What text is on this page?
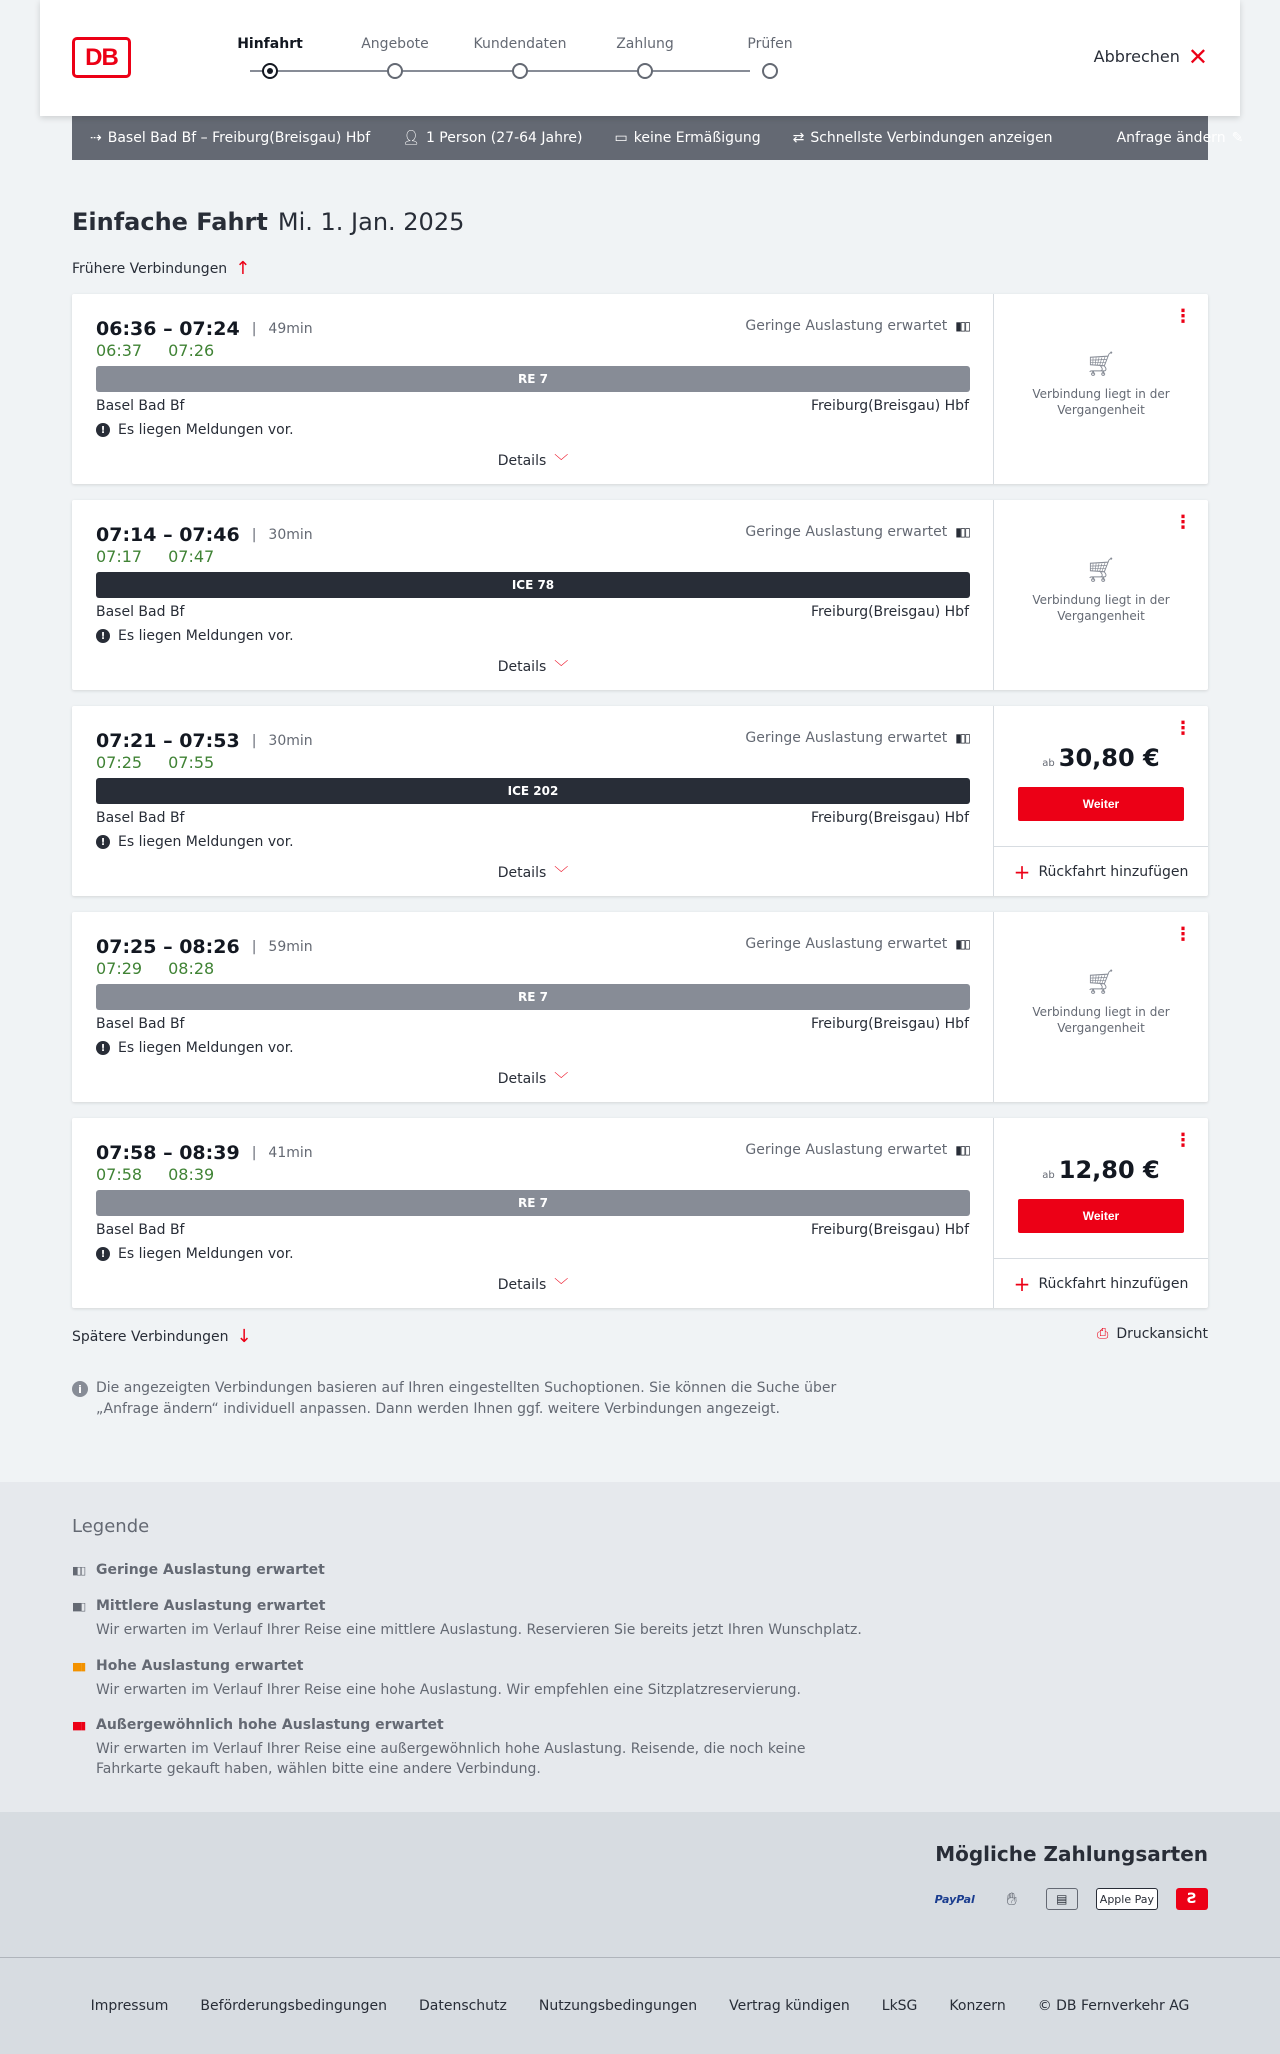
DB	Hinfahrt	Angebote	Kundendaten	Zahlung	Prüfen
Abbrechen ✕
⇢ Basel Bad Bf – Freiburg(Breisgau) Hbf 👤︎ 1 Person (27-64 Jahre) ▭ keine Ermäßigung ⇄ Schnellste Verbindungen anzeigen	Anfrage ändern ✎
Einfache Fahrt Mi. 1. Jan. 2025
Frühere Verbindungen ↑
06:36 – 07:24 | 49min
06:37 07:26
Geringe Auslastung erwartet ▮▯▯
RE 7
Basel Bad Bf	Freiburg(Breisgau) Hbf
! Es liegen Meldungen vor.
Details ﹀
⋮
🛒︎
Verbindung liegt in der Vergangenheit
07:14 – 07:46 | 30min
07:17 07:47
Geringe Auslastung erwartet ▮▯▯
ICE 78
Basel Bad Bf	Freiburg(Breisgau) Hbf
! Es liegen Meldungen vor.
Details ﹀
⋮
🛒︎
Verbindung liegt in der Vergangenheit
07:21 – 07:53 | 30min
07:25 07:55
Geringe Auslastung erwartet ▮▯▯
ICE 202
Basel Bad Bf	Freiburg(Breisgau) Hbf
! Es liegen Meldungen vor.
Details ﹀
⋮
ab 30,80 €
Weiter
+ Rückfahrt hinzufügen
07:25 – 08:26 | 59min
07:29 08:28
Geringe Auslastung erwartet ▮▯▯
RE 7
Basel Bad Bf	Freiburg(Breisgau) Hbf
! Es liegen Meldungen vor.
Details ﹀
⋮
🛒︎
Verbindung liegt in der Vergangenheit
07:58 – 08:39 | 41min
07:58 08:39
Geringe Auslastung erwartet ▮▯▯
RE 7
Basel Bad Bf	Freiburg(Breisgau) Hbf
! Es liegen Meldungen vor.
Details ﹀
⋮
ab 12,80 €
Weiter
+ Rückfahrt hinzufügen
Spätere Verbindungen ↓	⎙ Druckansicht
i	Die angezeigten Verbindungen basieren auf Ihren eingestellten Suchoptionen. Sie können die Suche über „Anfrage ändern“ individuell anpassen. Dann werden Ihnen ggf. weitere Verbindungen angezeigt.
Legende
▮▯▯ Geringe Auslastung erwartet
▮▮▯ Mittlere Auslastung erwartet
Wir erwarten im Verlauf Ihrer Reise eine mittlere Auslastung. Reservieren Sie bereits jetzt Ihren Wunschplatz.
▮▮▮ Hohe Auslastung erwartet
Wir erwarten im Verlauf Ihrer Reise eine hohe Auslastung. Wir empfehlen eine Sitzplatzreservierung.
▮▮▮ Außergewöhnlich hohe Auslastung erwartet
Wir erwarten im Verlauf Ihrer Reise eine außergewöhnlich hohe Auslastung. Reisende, die noch keine Fahrkarte gekauft haben, wählen bitte eine andere Verbindung.
Mögliche Zahlungsarten
PayPal	✋︎	▤	Apple Pay	Ƨ
Impressum Beförderungsbedingungen Datenschutz Nutzungsbedingungen Vertrag kündigen LkSG Konzern © DB Fernverkehr AG
